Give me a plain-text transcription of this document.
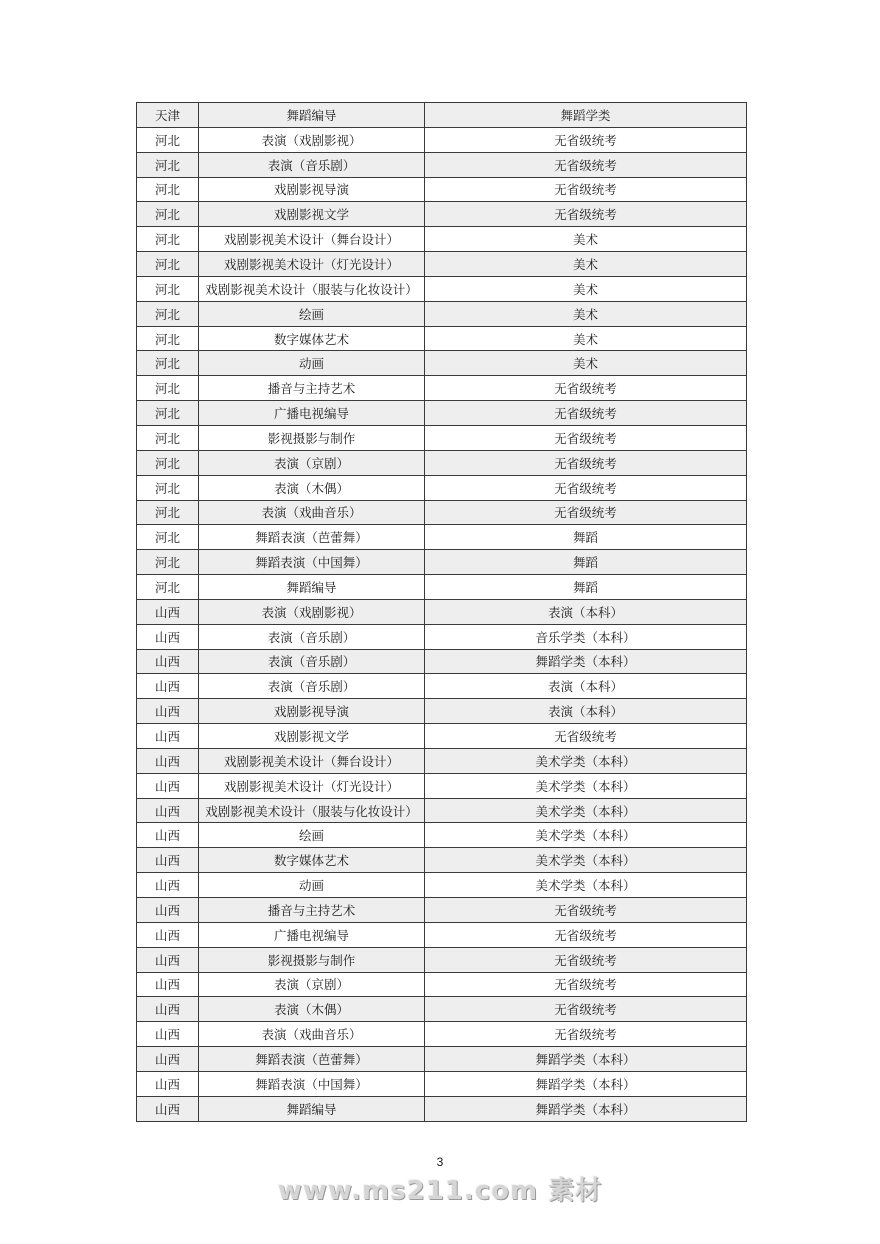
天津	舞蹈编导	舞蹈学类
河北	表演（戏剧影视）	无省级统考
河北	表演（音乐剧）	无省级统考
河北	戏剧影视导演	无省级统考
河北	戏剧影视文学	无省级统考
河北	戏剧影视美术设计（舞台设计）	美术
河北	戏剧影视美术设计（灯光设计）	美术
河北	戏剧影视美术设计（服装与化妆设计）	美术
河北	绘画	美术
河北	数字媒体艺术	美术
河北	动画	美术
河北	播音与主持艺术	无省级统考
河北	广播电视编导	无省级统考
河北	影视摄影与制作	无省级统考
河北	表演（京剧）	无省级统考
河北	表演（木偶）	无省级统考
河北	表演（戏曲音乐）	无省级统考
河北	舞蹈表演（芭蕾舞）	舞蹈
河北	舞蹈表演（中国舞）	舞蹈
河北	舞蹈编导	舞蹈
山西	表演（戏剧影视）	表演（本科）
山西	表演（音乐剧）	音乐学类（本科）
山西	表演（音乐剧）	舞蹈学类（本科）
山西	表演（音乐剧）	表演（本科）
山西	戏剧影视导演	表演（本科）
山西	戏剧影视文学	无省级统考
山西	戏剧影视美术设计（舞台设计）	美术学类（本科）
山西	戏剧影视美术设计（灯光设计）	美术学类（本科）
山西	戏剧影视美术设计（服装与化妆设计）	美术学类（本科）
山西	绘画	美术学类（本科）
山西	数字媒体艺术	美术学类（本科）
山西	动画	美术学类（本科）
山西	播音与主持艺术	无省级统考
山西	广播电视编导	无省级统考
山西	影视摄影与制作	无省级统考
山西	表演（京剧）	无省级统考
山西	表演（木偶）	无省级统考
山西	表演（戏曲音乐）	无省级统考
山西	舞蹈表演（芭蕾舞）	舞蹈学类（本科）
山西	舞蹈表演（中国舞）	舞蹈学类（本科）
山西	舞蹈编导	舞蹈学类（本科）
3
www.ms211.com 素材
